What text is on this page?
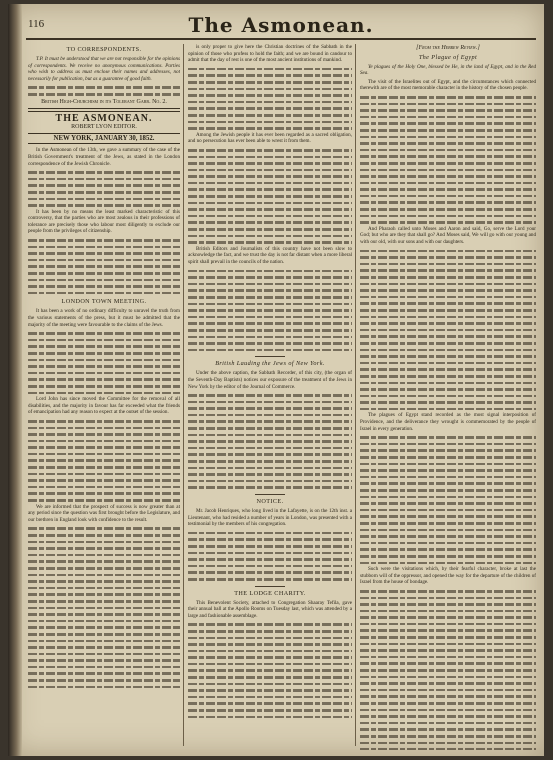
116	The Asmonean.
TO CORRESPONDENTS.

T.P. It must be understood that we are not responsible for the opinions of correspondents. We receive no anonymous communications. Parties who wish to address us must enclose their names and addresses, not necessarily for publication, but as a guarantee of good faith.

British High-Churchism in its Tolerant Garb. No. 2.
THE ASMONEAN.
ROBERT LYON EDITOR.
NEW YORK, JANUARY 30, 1852.

In the Asmonean of the 13th, we gave a summary of the case of the British Government's treatment of the Jews, as stated in the London correspondence of the Jewish Chronicle.

It has been by no means the least marked characteristic of this controversy, that the parties who are most zealous in their professions of tolerance are precisely those who labour most diligently to exclude our people from the privileges of citizenship.

LONDON TOWN MEETING.

It has been a work of no ordinary difficulty to unravel the truth from the various statements of the press, but it must be admitted that the majority of the meeting were favourable to the claims of the Jews.

Lord John has since moved the Committee for the removal of all disabilities, and the majority in favour has far exceeded what the friends of emancipation had any reason to expect at the outset of the session.

We are informed that the prospect of success is now greater than at any period since the question was first brought before the Legislature, and our brethren in England look with confidence to the result.

is only proper to give here the Christian doctrines of the Sabbath in the opinion of those who profess to hold the faith; and we are bound in candour to admit that the day of rest is one of the most ancient institutions of mankind.

Among the Jewish people it has ever been regarded as a sacred obligation, and no persecution has ever been able to wrest it from them.

British Editors and Journalists of this country have not been slow to acknowledge the fact, and we trust the day is not far distant when a more liberal spirit shall prevail in the councils of the nation.

British Lauding the Jews of New York.

Under the above caption, the Sabbath Recorder, of this city, (the organ of the Seventh-Day Baptists) notices our exposure of the treatment of the Jews in New York by the editor of the Journal of Commerce.

NOTICE.

Mr. Jacob Henriques, who long lived in the Lafayette, is on the 12th inst. a Lieutenant, who had resided a number of years in London, was presented with a testimonial by the members of his congregation.

THE LODGE CHARITY.

This Benevolent Society, attached to Congregation Shaaray Tefila, gave their annual ball at the Apollo Rooms on Tuesday last, which was attended by a large and fashionable assemblage.

[From the Hebrew Review.]
The Plague of Egypt

Ye plagues of the Holy One, blessed be He, in the land of Egypt, and in the Red Sea.

The visit of the Israelites out of Egypt, and the circumstances which connected therewith are of the most memorable character in the history of the chosen people.

And Pharaoh called unto Moses and Aaron and said, Go, serve the Lord your God; but who are they that shall go? And Moses said, We will go with our young and with our old, with our sons and with our daughters.

The plagues of Egypt stand recorded as the most signal interposition of Providence, and the deliverance they wrought is commemorated by the people of Israel in every generation.

Such were the visitations which, by their fearful character, broke at last the stubborn will of the oppressor, and opened the way for the departure of the children of Israel from the house of bondage.
